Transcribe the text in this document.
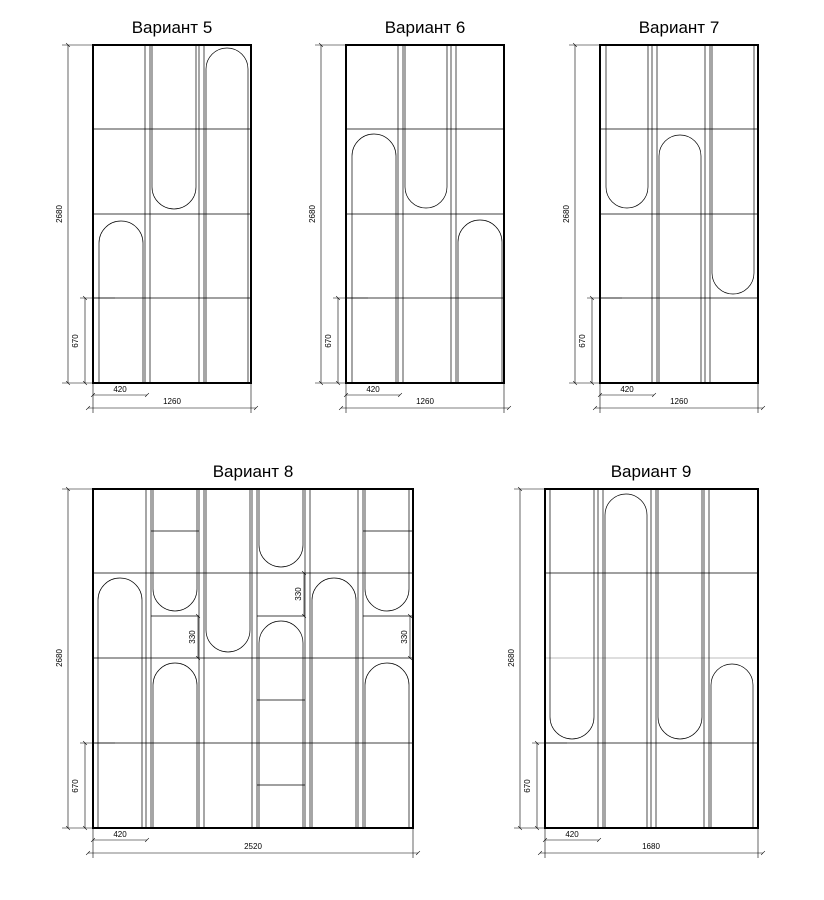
Вариант 5
2680
670
420
1260
Вариант 6
2680
670
420
1260
Вариант 7
2680
670
420
1260
Вариант 8
2680
670
420
2520
330
330
330
Вариант 9
2680
670
420
1680
